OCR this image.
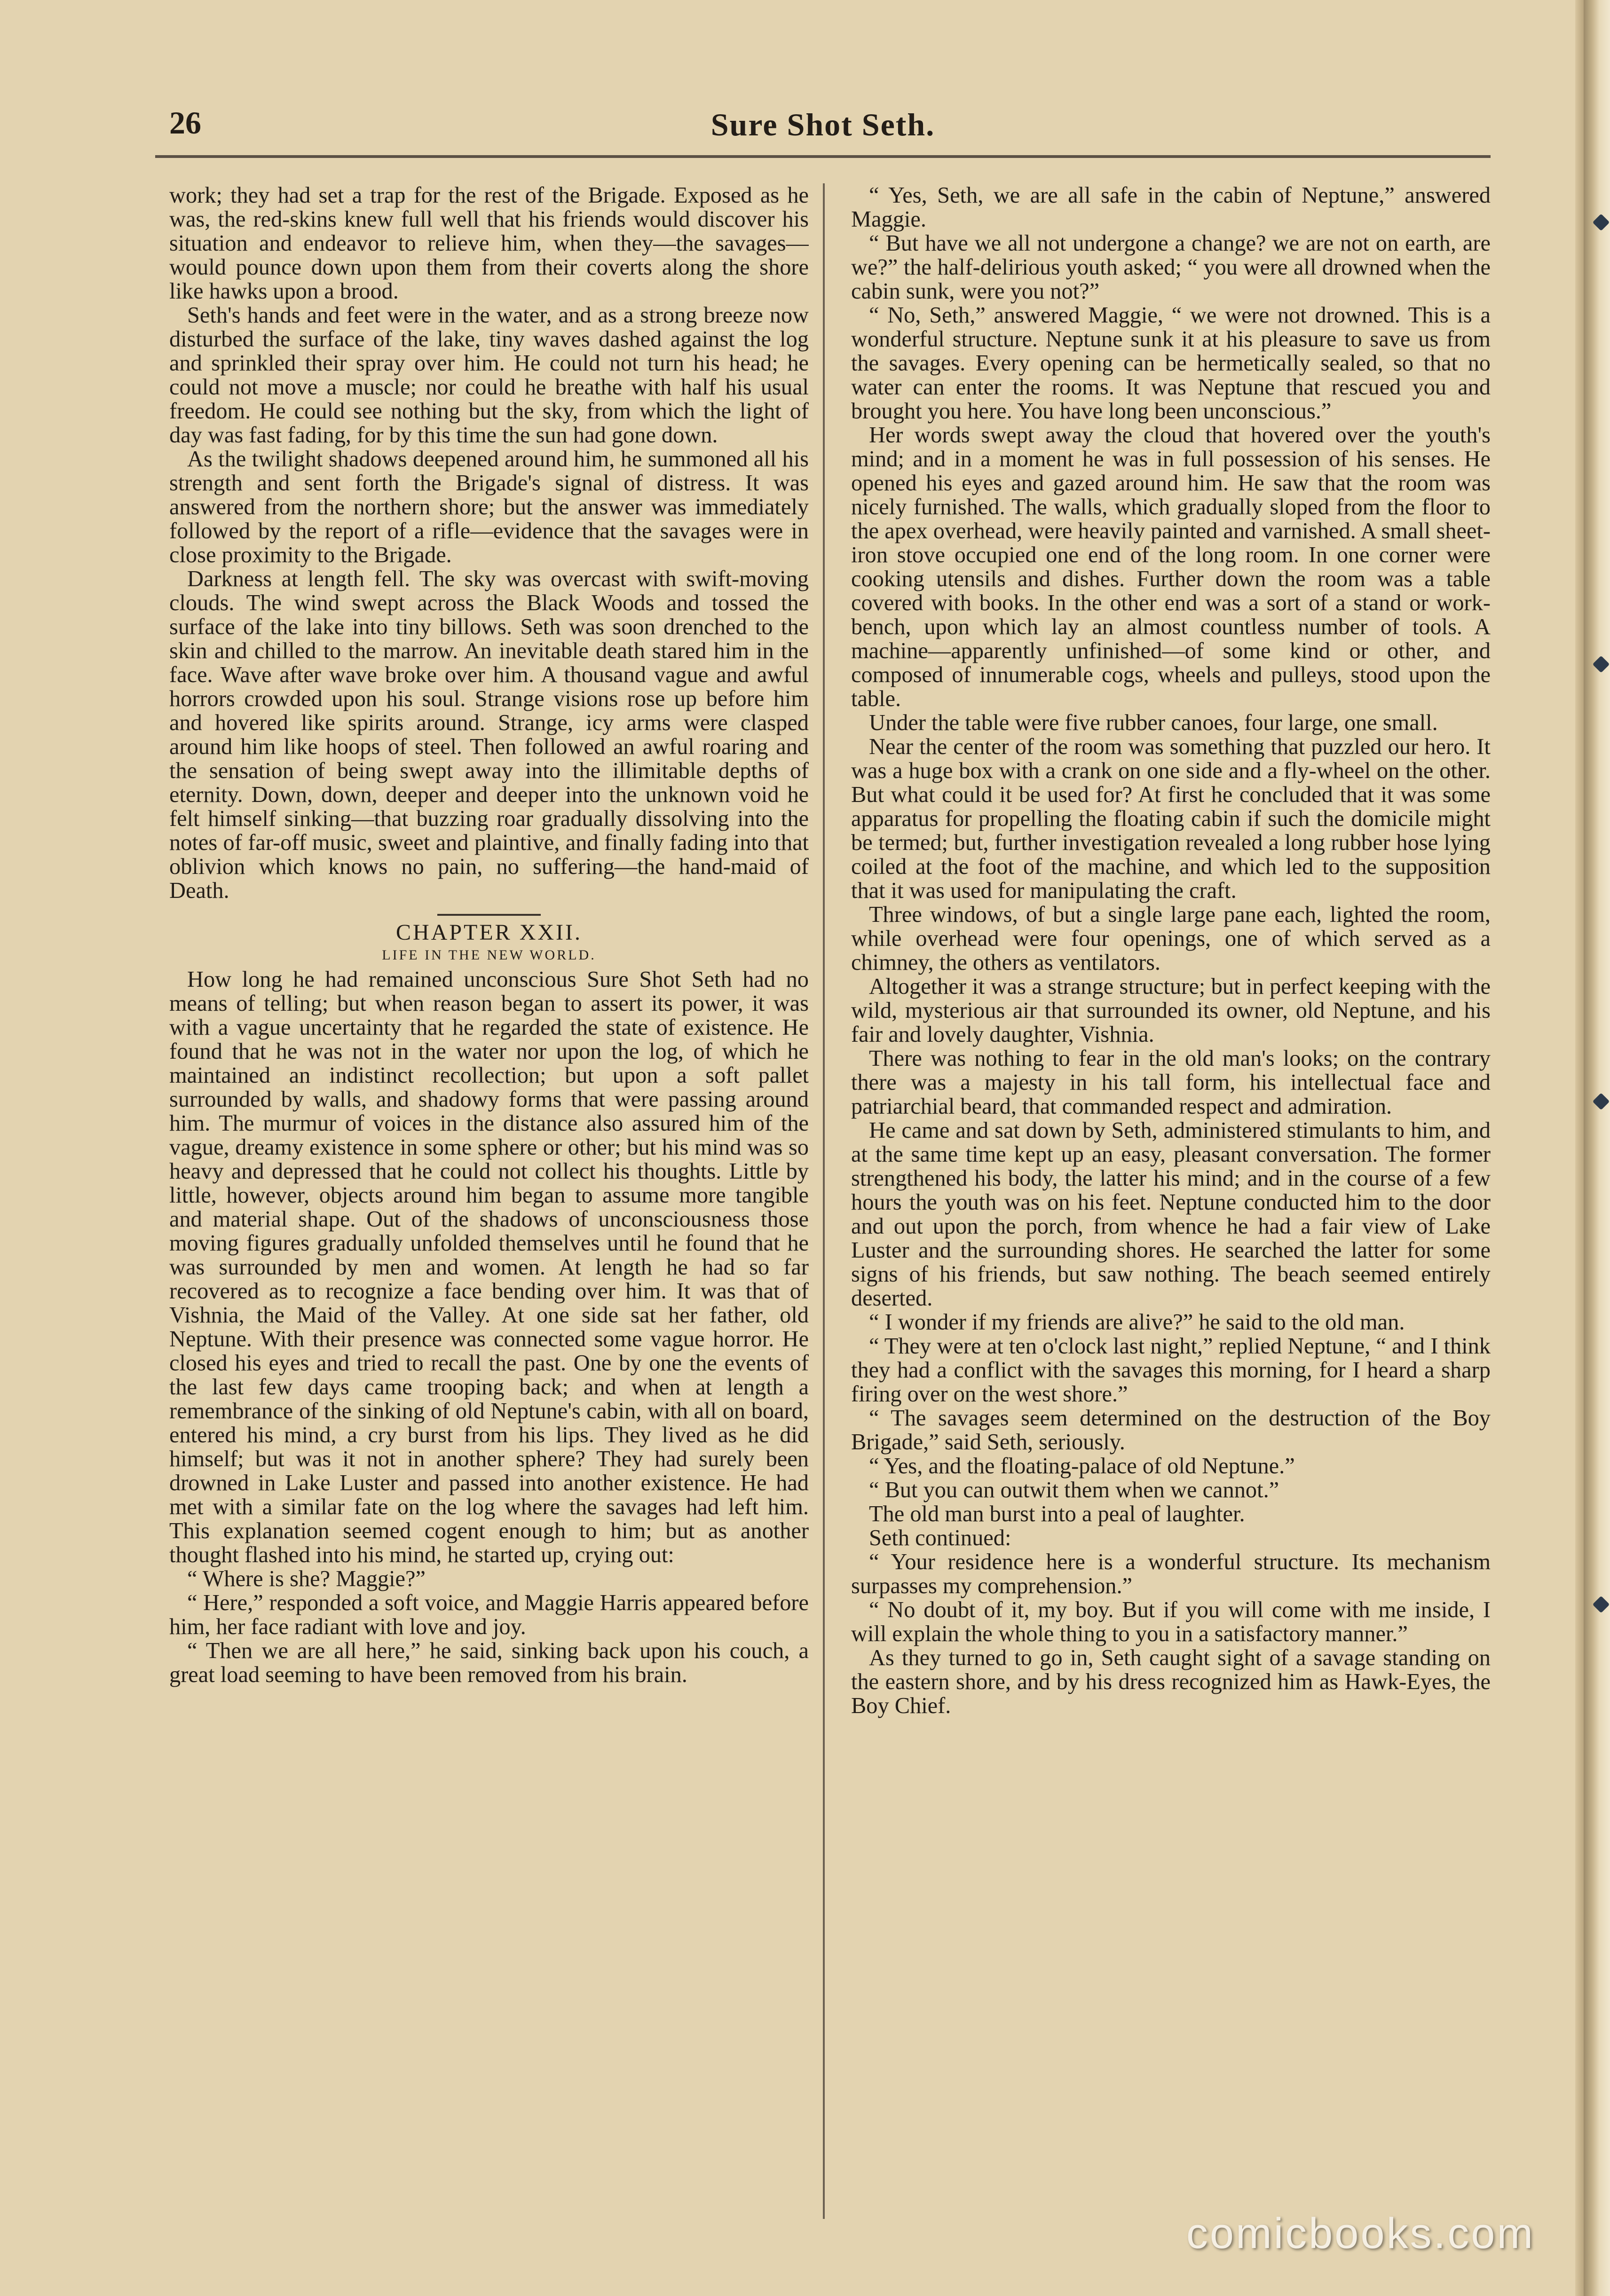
26	Sure Shot Seth.

work; they had set a trap for the rest of the Brigade. Exposed as he was, the red-skins knew full well that his friends would discover his situation and endeavor to relieve him, when they—the savages—would pounce down upon them from their coverts along the shore like hawks upon a brood.

Seth's hands and feet were in the water, and as a strong breeze now disturbed the surface of the lake, tiny waves dashed against the log and sprinkled their spray over him. He could not turn his head; he could not move a muscle; nor could he breathe with half his usual freedom. He could see nothing but the sky, from which the light of day was fast fading, for by this time the sun had gone down.

As the twilight shadows deepened around him, he summoned all his strength and sent forth the Brigade's signal of distress. It was answered from the northern shore; but the answer was immediately followed by the report of a rifle—evidence that the savages were in close proximity to the Brigade.

Darkness at length fell. The sky was overcast with swift-moving clouds. The wind swept across the Black Woods and tossed the surface of the lake into tiny billows. Seth was soon drenched to the skin and chilled to the marrow. An inevitable death stared him in the face. Wave after wave broke over him. A thousand vague and awful horrors crowded upon his soul. Strange visions rose up before him and hovered like spirits around. Strange, icy arms were clasped around him like hoops of steel. Then followed an awful roaring and the sensation of being swept away into the illimitable depths of eternity. Down, down, deeper and deeper into the unknown void he felt himself sinking—that buzzing roar gradually dissolving into the notes of far-off music, sweet and plaintive, and finally fading into that oblivion which knows no pain, no suffering—the hand-maid of Death.

CHAPTER XXII.
LIFE IN THE NEW WORLD.

How long he had remained unconscious Sure Shot Seth had no means of telling; but when reason began to assert its power, it was with a vague uncertainty that he regarded the state of existence. He found that he was not in the water nor upon the log, of which he maintained an indistinct recollection; but upon a soft pallet surrounded by walls, and shadowy forms that were passing around him. The murmur of voices in the distance also assured him of the vague, dreamy existence in some sphere or other; but his mind was so heavy and depressed that he could not collect his thoughts. Little by little, however, objects around him began to assume more tangible and material shape. Out of the shadows of unconsciousness those moving figures gradually unfolded themselves until he found that he was surrounded by men and women. At length he had so far recovered as to recognize a face bending over him. It was that of Vishnia, the Maid of the Valley. At one side sat her father, old Neptune. With their presence was connected some vague horror. He closed his eyes and tried to recall the past. One by one the events of the last few days came trooping back; and when at length a remembrance of the sinking of old Neptune's cabin, with all on board, entered his mind, a cry burst from his lips. They lived as he did himself; but was it not in another sphere? They had surely been drowned in Lake Luster and passed into another existence. He had met with a similar fate on the log where the savages had left him. This explanation seemed cogent enough to him; but as another thought flashed into his mind, he started up, crying out:

“ Where is she? Maggie?”

“ Here,” responded a soft voice, and Maggie Harris appeared before him, her face radiant with love and joy.

“ Then we are all here,” he said, sinking back upon his couch, a great load seeming to have been removed from his brain.

“ Yes, Seth, we are all safe in the cabin of Neptune,” answered Maggie.

“ But have we all not undergone a change? we are not on earth, are we?” the half-delirious youth asked; “ you were all drowned when the cabin sunk, were you not?”

“ No, Seth,” answered Maggie, “ we were not drowned. This is a wonderful structure. Neptune sunk it at his pleasure to save us from the savages. Every opening can be hermetically sealed, so that no water can enter the rooms. It was Neptune that rescued you and brought you here. You have long been unconscious.”

Her words swept away the cloud that hovered over the youth's mind; and in a moment he was in full possession of his senses. He opened his eyes and gazed around him. He saw that the room was nicely furnished. The walls, which gradually sloped from the floor to the apex overhead, were heavily painted and varnished. A small sheet-iron stove occupied one end of the long room. In one corner were cooking utensils and dishes. Further down the room was a table covered with books. In the other end was a sort of a stand or work-bench, upon which lay an almost countless number of tools. A machine—apparently unfinished—of some kind or other, and composed of innumerable cogs, wheels and pulleys, stood upon the table.

Under the table were five rubber canoes, four large, one small.

Near the center of the room was something that puzzled our hero. It was a huge box with a crank on one side and a fly-wheel on the other. But what could it be used for? At first he concluded that it was some apparatus for propelling the floating cabin if such the domicile might be termed; but, further investigation revealed a long rubber hose lying coiled at the foot of the machine, and which led to the supposition that it was used for manipulating the craft.

Three windows, of but a single large pane each, lighted the room, while overhead were four openings, one of which served as a chimney, the others as ventilators.

Altogether it was a strange structure; but in perfect keeping with the wild, mysterious air that surrounded its owner, old Neptune, and his fair and lovely daughter, Vishnia.

There was nothing to fear in the old man's looks; on the contrary there was a majesty in his tall form, his intellectual face and patriarchial beard, that commanded respect and admiration.

He came and sat down by Seth, administered stimulants to him, and at the same time kept up an easy, pleasant conversation. The former strengthened his body, the latter his mind; and in the course of a few hours the youth was on his feet. Neptune conducted him to the door and out upon the porch, from whence he had a fair view of Lake Luster and the surrounding shores. He searched the latter for some signs of his friends, but saw nothing. The beach seemed entirely deserted.

“ I wonder if my friends are alive?” he said to the old man.

“ They were at ten o'clock last night,” replied Neptune, “ and I think they had a conflict with the savages this morning, for I heard a sharp firing over on the west shore.”

“ The savages seem determined on the destruction of the Boy Brigade,” said Seth, seriously.

“ Yes, and the floating-palace of old Neptune.”

“ But you can outwit them when we cannot.”

The old man burst into a peal of laughter.

Seth continued:

“ Your residence here is a wonderful structure. Its mechanism surpasses my comprehension.”

“ No doubt of it, my boy. But if you will come with me inside, I will explain the whole thing to you in a satisfactory manner.”

As they turned to go in, Seth caught sight of a savage standing on the eastern shore, and by his dress recognized him as Hawk-Eyes, the Boy Chief.

comicbooks.com
